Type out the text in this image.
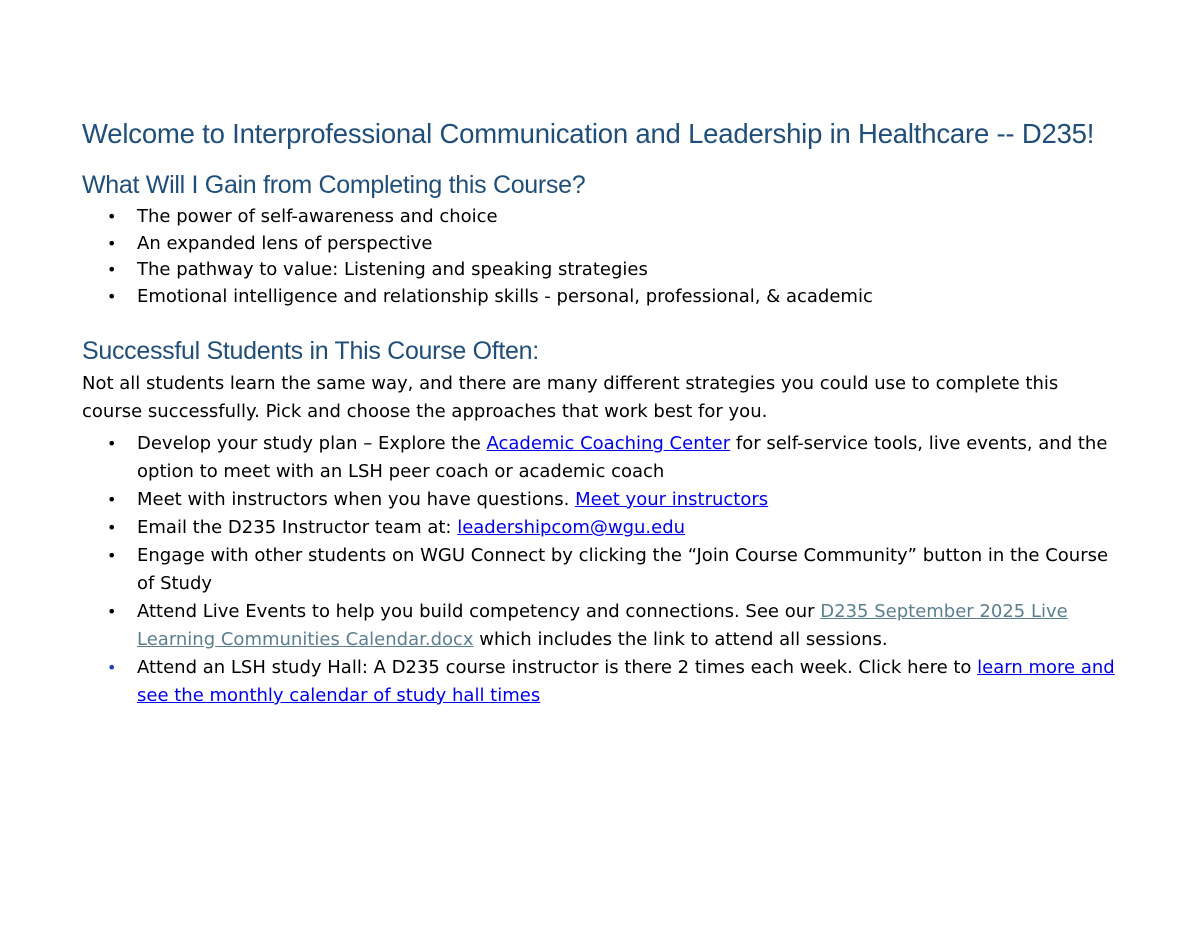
Welcome to Interprofessional Communication and Leadership in Healthcare -- D235!
What Will I Gain from Completing this Course?
• The power of self-awareness and choice
• An expanded lens of perspective
• The pathway to value: Listening and speaking strategies
• Emotional intelligence and relationship skills - personal, professional, & academic
Successful Students in This Course Often:

Not all students learn the same way, and there are many different strategies you could use to complete this course successfully. Pick and choose the approaches that work best for you.

• Develop your study plan – Explore the Academic Coaching Center for self-service tools, live events, and the option to meet with an LSH peer coach or academic coach
• Meet with instructors when you have questions. Meet your instructors
• Email the D235 Instructor team at: leadershipcom@wgu.edu
• Engage with other students on WGU Connect by clicking the “Join Course Community” button in the Course of Study
• Attend Live Events to help you build competency and connections. See our D235 September 2025 Live Learning Communities Calendar.docx which includes the link to attend all sessions.
• Attend an LSH study Hall: A D235 course instructor is there 2 times each week. Click here to learn more and see the monthly calendar of study hall times
